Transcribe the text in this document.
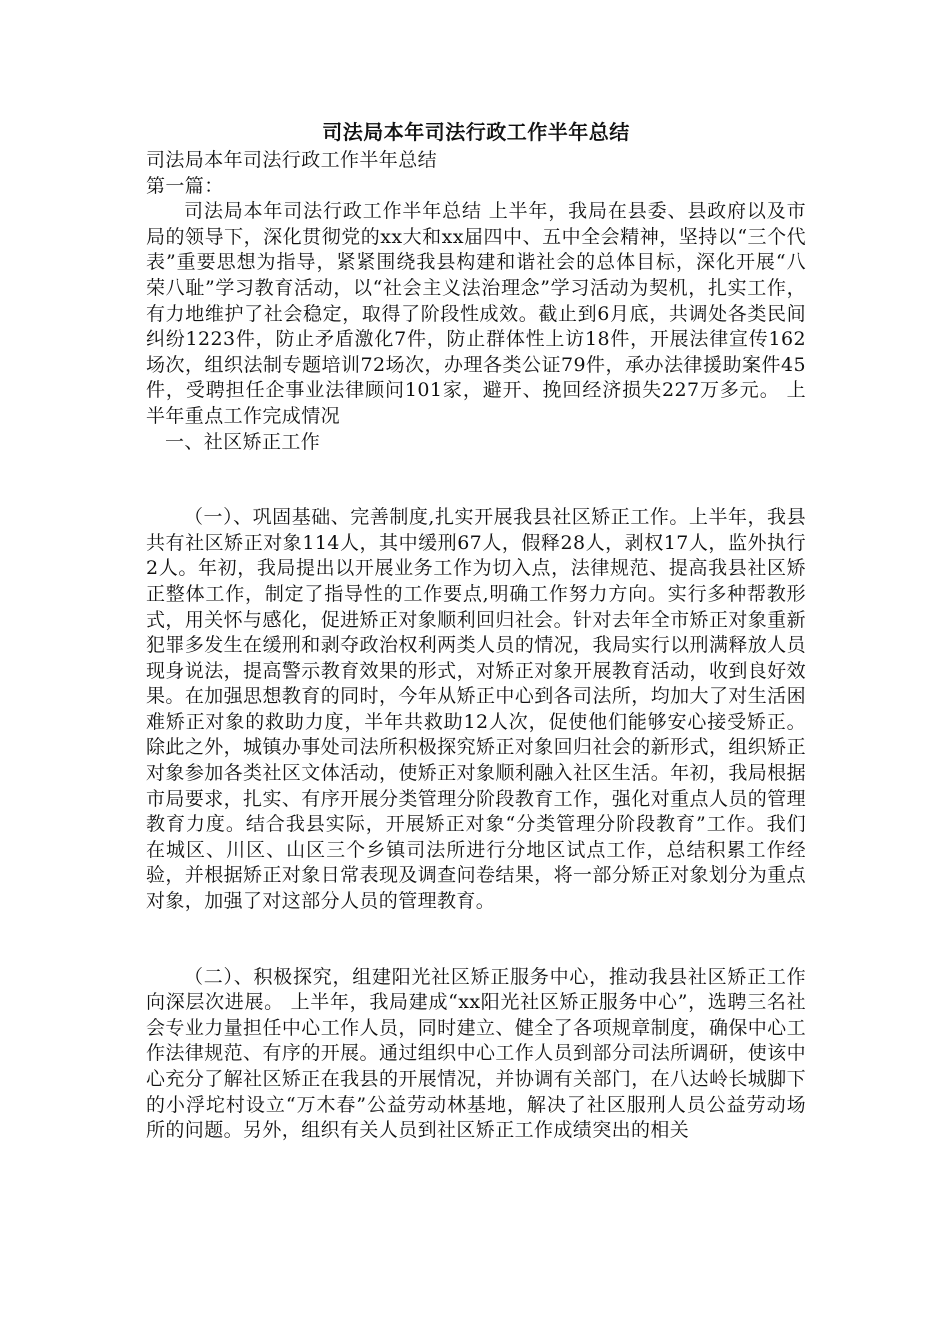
司法局本年司法行政工作半年总结

司法局本年司法行政工作半年总结

第一篇：

司法局本年司法行政工作半年总结 上半年，我局在县委、县政府以及市局的领导下，深化贯彻党的xx大和xx届四中、五中全会精神，坚持以“三个代表”重要思想为指导，紧紧围绕我县构建和谐社会的总体目标，深化开展“八荣八耻”学习教育活动，以“社会主义法治理念”学习活动为契机，扎实工作，有力地维护了社会稳定，取得了阶段性成效。截止到6月底，共调处各类民间纠纷1223件，防止矛盾激化7件，防止群体性上访18件，开展法律宣传162场次，组织法制专题培训72场次，办理各类公证79件，承办法律援助案件45件，受聘担任企事业法律顾问101家，避开、挽回经济损失227万多元。 上半年重点工作完成情况

一、社区矫正工作

（一）、巩固基础、完善制度,扎实开展我县社区矫正工作。上半年，我县共有社区矫正对象114人，其中缓刑67人，假释28人，剥权17人，监外执行2人。年初，我局提出以开展业务工作为切入点，法律规范、提高我县社区矫正整体工作，制定了指导性的工作要点,明确工作努力方向。实行多种帮教形式，用关怀与感化，促进矫正对象顺利回归社会。针对去年全市矫正对象重新犯罪多发生在缓刑和剥夺政治权利两类人员的情况，我局实行以刑满释放人员现身说法，提高警示教育效果的形式，对矫正对象开展教育活动，收到良好效果。在加强思想教育的同时，今年从矫正中心到各司法所，均加大了对生活困难矫正对象的救助力度，半年共救助12人次，促使他们能够安心接受矫正。除此之外，城镇办事处司法所积极探究矫正对象回归社会的新形式，组织矫正对象参加各类社区文体活动，使矫正对象顺利融入社区生活。年初，我局根据市局要求，扎实、有序开展分类管理分阶段教育工作，强化对重点人员的管理教育力度。结合我县实际，开展矫正对象“分类管理分阶段教育”工作。我们在城区、川区、山区三个乡镇司法所进行分地区试点工作，总结积累工作经验，并根据矫正对象日常表现及调查问卷结果，将一部分矫正对象划分为重点对象，加强了对这部分人员的管理教育。

（二）、积极探究，组建阳光社区矫正服务中心，推动我县社区矫正工作向深层次进展。 上半年，我局建成“xx阳光社区矫正服务中心”，选聘三名社会专业力量担任中心工作人员，同时建立、健全了各项规章制度，确保中心工作法律规范、有序的开展。通过组织中心工作人员到部分司法所调研，使该中心充分了解社区矫正在我县的开展情况，并协调有关部门，在八达岭长城脚下的小浮坨村设立“万木春”公益劳动林基地，解决了社区服刑人员公益劳动场所的问题。另外，组织有关人员到社区矫正工作成绩突出的相关
